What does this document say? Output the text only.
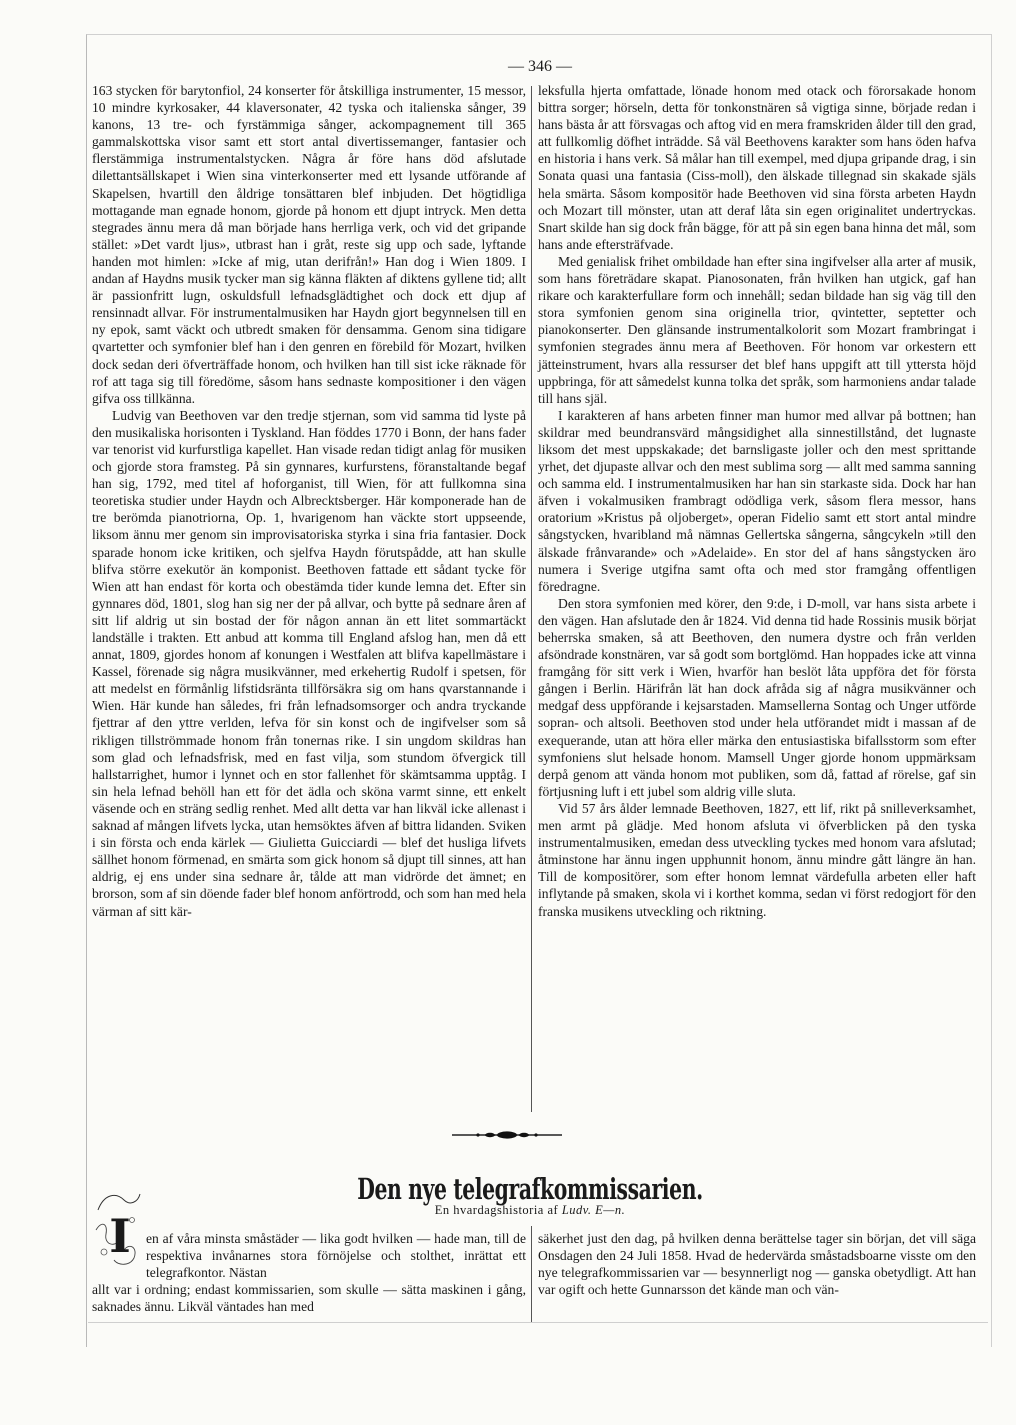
— 346 —

163 stycken för barytonfiol, 24 konserter för åtskilliga instrumenter, 15 messor, 10 mindre kyrkosaker, 44 klaversonater, 42 tyska och italienska sånger, 39 kanons, 13 tre- och fyrstämmiga sånger, ackompagnement till 365 gammalskottska visor samt ett stort antal divertissemanger, fantasier och flerstämmiga instrumentalstycken. Några år före hans död afslutade dilettantsällskapet i Wien sina vinterkonserter med ett lysande utförande af Skapelsen, hvartill den åldrige tonsättaren blef inbjuden. Det högtidliga mottagande man egnade honom, gjorde på honom ett djupt intryck. Men detta stegrades ännu mera då man började hans herrliga verk, och vid det gripande stället: »Det vardt ljus», utbrast han i gråt, reste sig upp och sade, lyftande handen mot himlen: »Icke af mig, utan derifrån!» Han dog i Wien 1809. I andan af Haydns musik tycker man sig känna fläkten af diktens gyllene tid; allt är passionfritt lugn, oskuldsfull lefnadsglädtighet och dock ett djup af rensinnadt allvar. För instrumentalmusiken har Haydn gjort begynnelsen till en ny epok, samt väckt och utbredt smaken för densamma. Genom sina tidigare qvartetter och symfonier blef han i den genren en förebild för Mozart, hvilken dock sedan deri öfverträffade honom, och hvilken han till sist icke räknade för rof att taga sig till föredöme, såsom hans sednaste kompositioner i den vägen gifva oss tillkänna.

Ludvig van Beethoven var den tredje stjernan, som vid samma tid lyste på den musikaliska horisonten i Tyskland. Han föddes 1770 i Bonn, der hans fader var tenorist vid kurfurstliga kapellet. Han visade redan tidigt anlag för musiken och gjorde stora framsteg. På sin gynnares, kurfurstens, föranstaltande begaf han sig, 1792, med titel af hoforganist, till Wien, för att fullkomna sina teoretiska studier under Haydn och Albrecktsberger. Här komponerade han de tre berömda pianotriorna, Op. 1, hvarigenom han väckte stort uppseende, liksom ännu mer genom sin improvisatoriska styrka i sina fria fantasier. Dock sparade honom icke kritiken, och sjelfva Haydn förutspådde, att han skulle blifva större exekutör än komponist. Beethoven fattade ett sådant tycke för Wien att han endast för korta och obestämda tider kunde lemna det. Efter sin gynnares död, 1801, slog han sig ner der på allvar, och bytte på sednare åren af sitt lif aldrig ut sin bostad der för någon annan än ett litet sommartäckt landställe i trakten. Ett anbud att komma till England afslog han, men då ett annat, 1809, gjordes honom af konungen i Westfalen att blifva kapellmästare i Kassel, förenade sig några musikvänner, med erkehertig Rudolf i spetsen, för att medelst en förmånlig lifstidsränta tillförsäkra sig om hans qvarstannande i Wien. Här kunde han således, fri från lefnadsomsorger och andra tryckande fjettrar af den yttre verlden, lefva för sin konst och de ingifvelser som så rikligen tillströmmade honom från tonernas rike. I sin ungdom skildras han som glad och lefnadsfrisk, med en fast vilja, som stundom öfvergick till hallstarrighet, humor i lynnet och en stor fallenhet för skämtsamma upptåg. I sin hela lefnad behöll han ett för det ädla och sköna varmt sinne, ett enkelt väsende och en sträng sedlig renhet. Med allt detta var han likväl icke allenast i saknad af mången lifvets lycka, utan hemsöktes äfven af bittra lidanden. Sviken i sin första och enda kärlek — Giulietta Guicciardi — blef det husliga lifvets sällhet honom förmenad, en smärta som gick honom så djupt till sinnes, att han aldrig, ej ens under sina sednare år, tålde att man vidrörde det ämnet; en brorson, som af sin döende fader blef honom anförtrodd, och som han med hela värman af sitt kär-

leksfulla hjerta omfattade, lönade honom med otack och förorsakade honom bittra sorger; hörseln, detta för tonkonstnären så vigtiga sinne, började redan i hans bästa år att försvagas och aftog vid en mera framskriden ålder till den grad, att fullkomlig döfhet inträdde. Så väl Beethovens karakter som hans öden hafva en historia i hans verk. Så målar han till exempel, med djupa gripande drag, i sin Sonata quasi una fantasia (Ciss-moll), den älskade tillegnad sin skakade själs hela smärta. Såsom kompositör hade Beethoven vid sina första arbeten Haydn och Mozart till mönster, utan att deraf låta sin egen originalitet undertryckas. Snart skilde han sig dock från bägge, för att på sin egen bana hinna det mål, som hans ande eftersträfvade.

Med genialisk frihet ombildade han efter sina ingifvelser alla arter af musik, som hans företrädare skapat. Pianosonaten, från hvilken han utgick, gaf han rikare och karakterfullare form och innehåll; sedan bildade han sig väg till den stora symfonien genom sina originella trior, qvintetter, septetter och pianokonserter. Den glänsande instrumentalkolorit som Mozart frambringat i symfonien stegrades ännu mera af Beethoven. För honom var orkestern ett jätteinstrument, hvars alla ressurser det blef hans uppgift att till yttersta höjd uppbringa, för att såmedelst kunna tolka det språk, som harmoniens andar talade till hans själ.

I karakteren af hans arbeten finner man humor med allvar på bottnen; han skildrar med beundransvärd mångsidighet alla sinnestillstånd, det lugnaste liksom det mest uppskakade; det barnsligaste joller och den mest sprittande yrhet, det djupaste allvar och den mest sublima sorg — allt med samma sanning och samma eld. I instrumentalmusiken har han sin starkaste sida. Dock har han äfven i vokalmusiken frambragt odödliga verk, såsom flera messor, hans oratorium »Kristus på oljoberget», operan Fidelio samt ett stort antal mindre sångstycken, hvaribland må nämnas Gellertska sångerna, sångcykeln »till den älskade frånvarande» och »Adelaide». En stor del af hans sångstycken äro numera i Sverige utgifna samt ofta och med stor framgång offentligen föredragne.

Den stora symfonien med körer, den 9:de, i D-moll, var hans sista arbete i den vägen. Han afslutade den år 1824. Vid denna tid hade Rossinis musik börjat beherrska smaken, så att Beethoven, den numera dystre och från verlden afsöndrade konstnären, var så godt som bortglömd. Han hoppades icke att vinna framgång för sitt verk i Wien, hvarför han beslöt låta uppföra det för första gången i Berlin. Härifrån lät han dock afråda sig af några musikvänner och medgaf dess uppförande i kejsarstaden. Mamsellerna Sontag och Unger utförde sopran- och altsoli. Beethoven stod under hela utförandet midt i massan af de exequerande, utan att höra eller märka den entusiastiska bifallsstorm som efter symfoniens slut helsade honom. Mamsell Unger gjorde honom uppmärksam derpå genom att vända honom mot publiken, som då, fattad af rörelse, gaf sin förtjusning luft i ett jubel som aldrig ville sluta.

Vid 57 års ålder lemnade Beethoven, 1827, ett lif, rikt på snilleverksamhet, men armt på glädje. Med honom afsluta vi öfverblicken på den tyska instrumentalmusiken, emedan dess utveckling tyckes med honom vara afslutad; åtminstone har ännu ingen upphunnit honom, ännu mindre gått längre än han. Till de kompositörer, som efter honom lemnat värdefulla arbeten eller haft inflytande på smaken, skola vi i korthet komma, sedan vi först redogjort för den franska musikens utveckling och riktning.

Den nye telegrafkommissarien.
En hvardagshistoria af Ludv. E—n.
I en af våra minsta småstäder — lika godt hvilken — hade man, till de respektiva invånarnes stora förnöjelse och stolthet, inrättat ett telegrafkontor. Nästan
allt var i ordning; endast kommissarien, som skulle — sätta maskinen i gång, saknades ännu. Likväl väntades han med
säkerhet just den dag, på hvilken denna berättelse tager sin början, det vill säga Onsdagen den 24 Juli 1858. Hvad de hedervärda småstadsboarne visste om den nye telegrafkommissarien var — besynnerligt nog — ganska obetydligt. Att han var ogift och hette Gunnarsson det kände man och vän-
